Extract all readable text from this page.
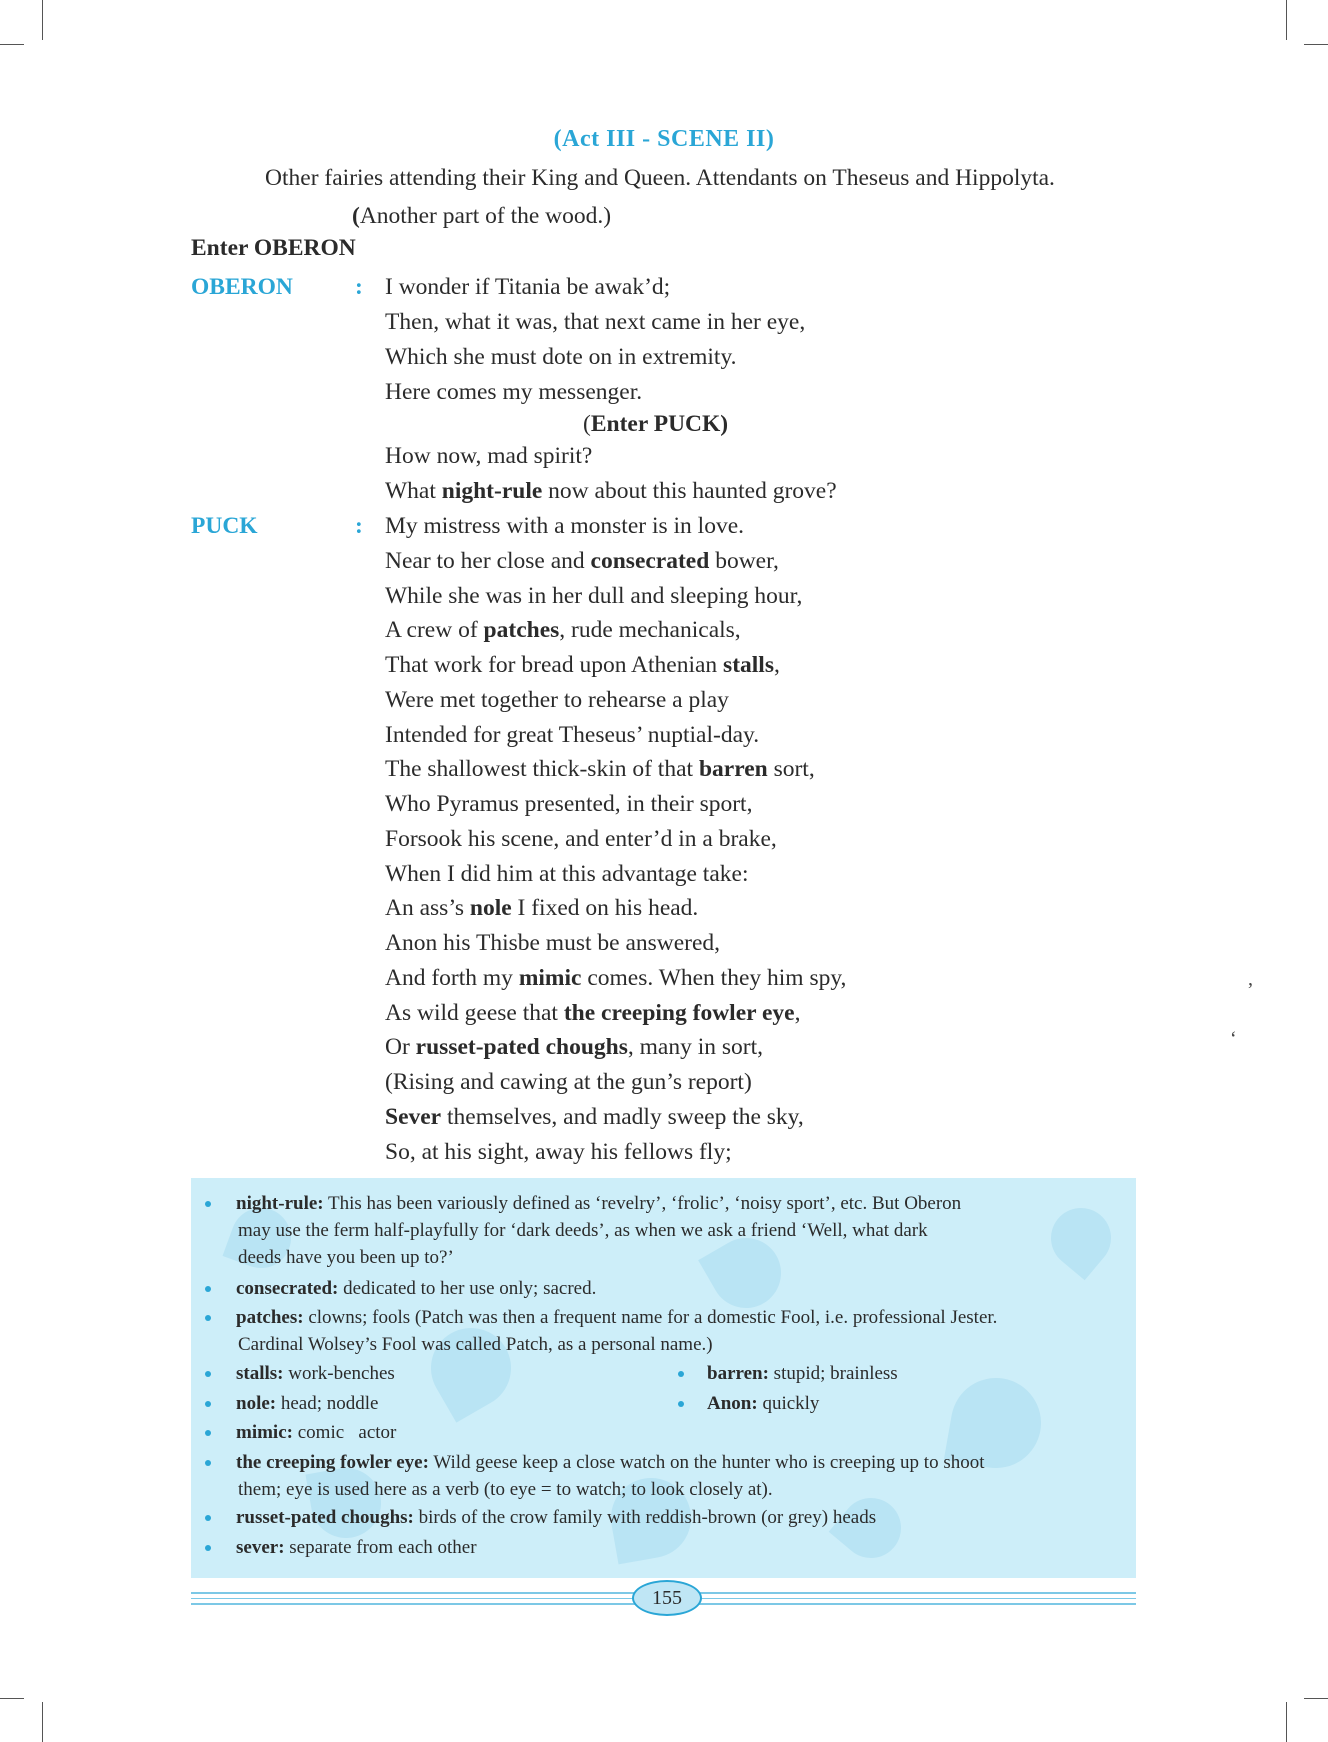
(Act III - SCENE II)
Other fairies attending their King and Queen. Attendants on Theseus and Hippolyta.
(Another part of the wood.)
Enter OBERON
OBERON	: I wonder if Titania be awak’d;
Then, what it was, that next came in her eye,
Which she must dote on in extremity.
Here comes my messenger.
(Enter PUCK)
How now, mad spirit?
What night-rule now about this haunted grove?
PUCK	: My mistress with a monster is in love.
Near to her close and consecrated bower,
While she was in her dull and sleeping hour,
A crew of patches, rude mechanicals,
That work for bread upon Athenian stalls,
Were met together to rehearse a play
Intended for great Theseus’ nuptial-day.
The shallowest thick-skin of that barren sort,
Who Pyramus presented, in their sport,
Forsook his scene, and enter’d in a brake,
When I did him at this advantage take:
An ass’s nole I fixed on his head.
Anon his Thisbe must be answered,
And forth my mimic comes. When they him spy,
As wild geese that the creeping fowler eye,
Or russet-pated choughs, many in sort,
(Rising and cawing at the gun’s report)
Sever themselves, and madly sweep the sky,
So, at his sight, away his fellows fly;
,
‘
night-rule: This has been variously defined as ‘revelry’, ‘frolic’, ‘noisy sport’, etc. But Oberon
may use the ferm half-playfully for ‘dark deeds’, as when we ask a friend ‘Well, what dark
deeds have you been up to?’
consecrated: dedicated to her use only; sacred.
patches: clowns; fools (Patch was then a frequent name for a domestic Fool, i.e. professional Jester.
Cardinal Wolsey’s Fool was called Patch, as a personal name.)
stalls: work-benches	barren: stupid; brainless
nole: head; noddle	Anon: quickly
mimic: comic   actor
the creeping fowler eye: Wild geese keep a close watch on the hunter who is creeping up to shoot
them; eye is used here as a verb (to eye = to watch; to look closely at).
russet-pated choughs: birds of the crow family with reddish-brown (or grey) heads
sever: separate from each other
155
